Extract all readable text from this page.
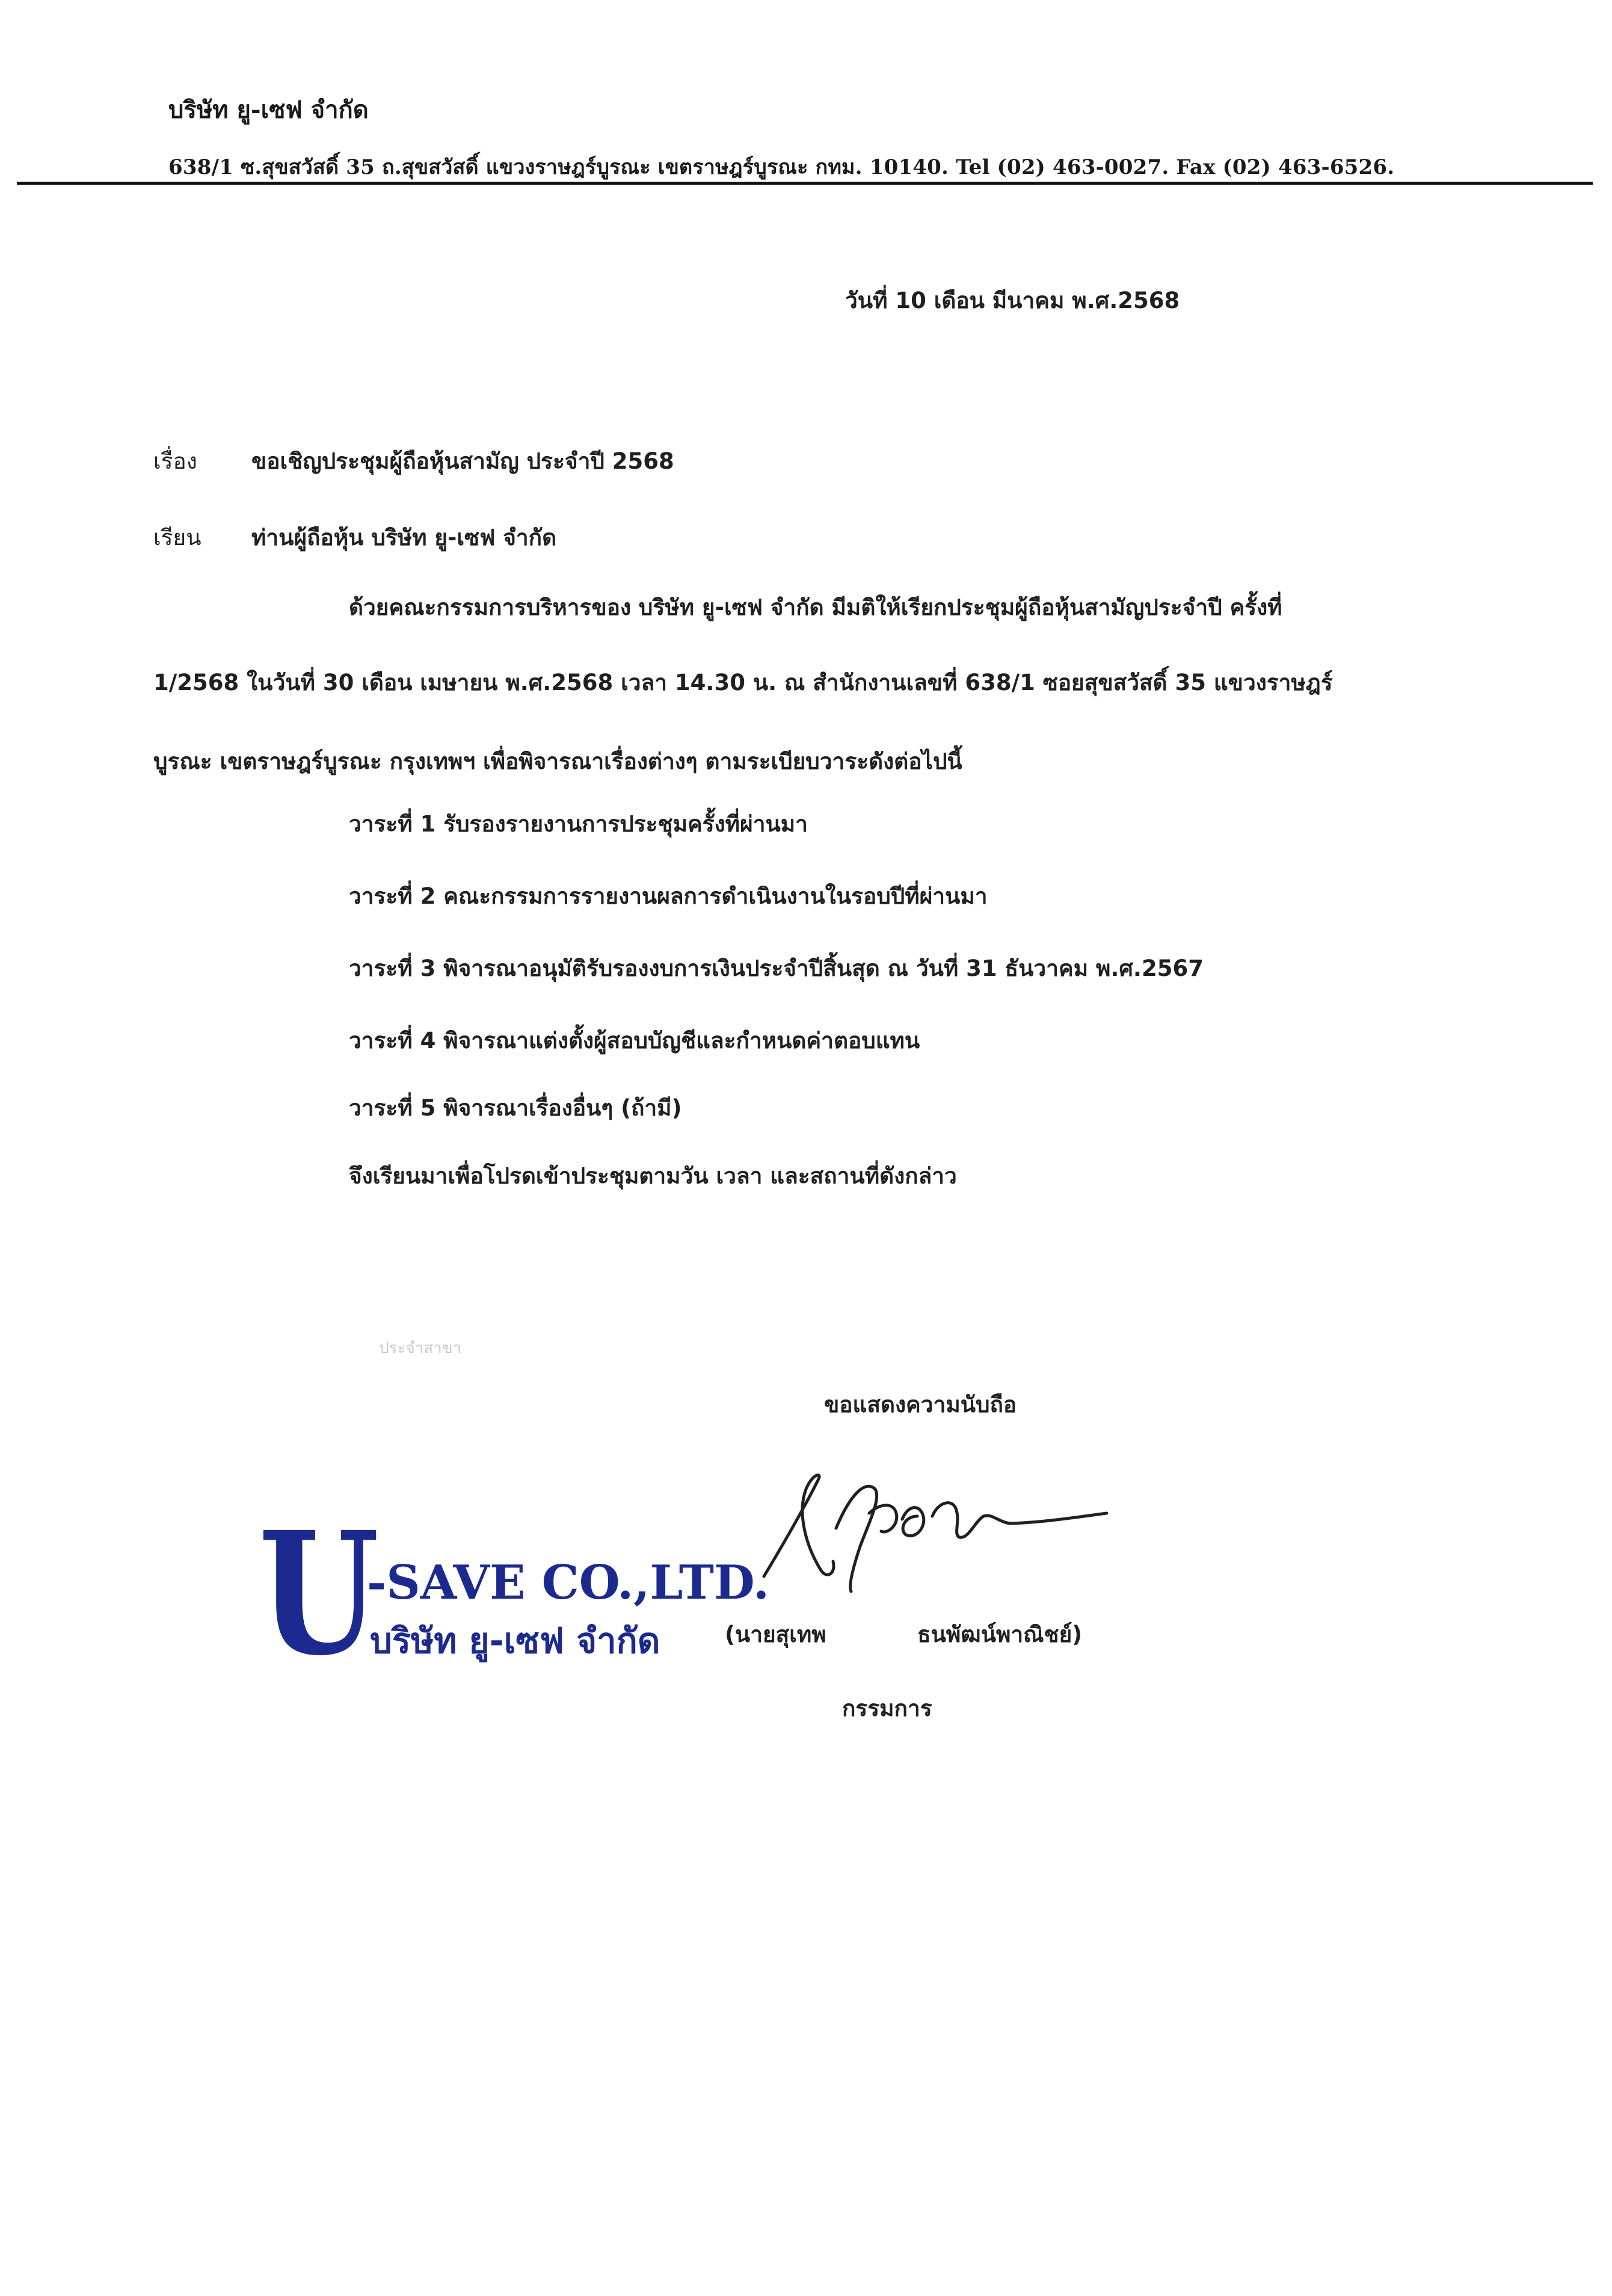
บริษัท ยู-เซฟ จำกัด
638/1 ซ.สุขสวัสดิ์ 35 ถ.สุขสวัสดิ์ แขวงราษฎร์บูรณะ เขตราษฎร์บูรณะ กทม. 10140. Tel (02) 463-0027. Fax (02) 463-6526.
วันที่ 10 เดือน มีนาคม พ.ศ.2568
เรื่อง ขอเชิญประชุมผู้ถือหุ้นสามัญ ประจำปี 2568
เรียน ท่านผู้ถือหุ้น บริษัท ยู-เซฟ จำกัด
ด้วยคณะกรรมการบริหารของ บริษัท ยู-เซฟ จำกัด มีมติให้เรียกประชุมผู้ถือหุ้นสามัญประจำปี ครั้งที่
1/2568 ในวันที่ 30 เดือน เมษายน พ.ศ.2568 เวลา 14.30 น. ณ สำนักงานเลขที่ 638/1 ซอยสุขสวัสดิ์ 35 แขวงราษฎร์
บูรณะ เขตราษฎร์บูรณะ กรุงเทพฯ เพื่อพิจารณาเรื่องต่างๆ ตามระเบียบวาระดังต่อไปนี้
วาระที่ 1 รับรองรายงานการประชุมครั้งที่ผ่านมา
วาระที่ 2 คณะกรรมการรายงานผลการดำเนินงานในรอบปีที่ผ่านมา
วาระที่ 3 พิจารณาอนุมัติรับรองงบการเงินประจำปีสิ้นสุด ณ วันที่ 31 ธันวาคม พ.ศ.2567
วาระที่ 4 พิจารณาแต่งตั้งผู้สอบบัญชีและกำหนดค่าตอบแทน
วาระที่ 5 พิจารณาเรื่องอื่นๆ (ถ้ามี)
จึงเรียนมาเพื่อโปรดเข้าประชุมตามวัน เวลา และสถานที่ดังกล่าว
ประจำสาขา
ขอแสดงความนับถือ
(นายสุเทพ	ธนพัฒน์พาณิชย์)
กรรมการ
U
-SAVE CO.,LTD.
บริษัท ยู-เซฟ จำกัด
